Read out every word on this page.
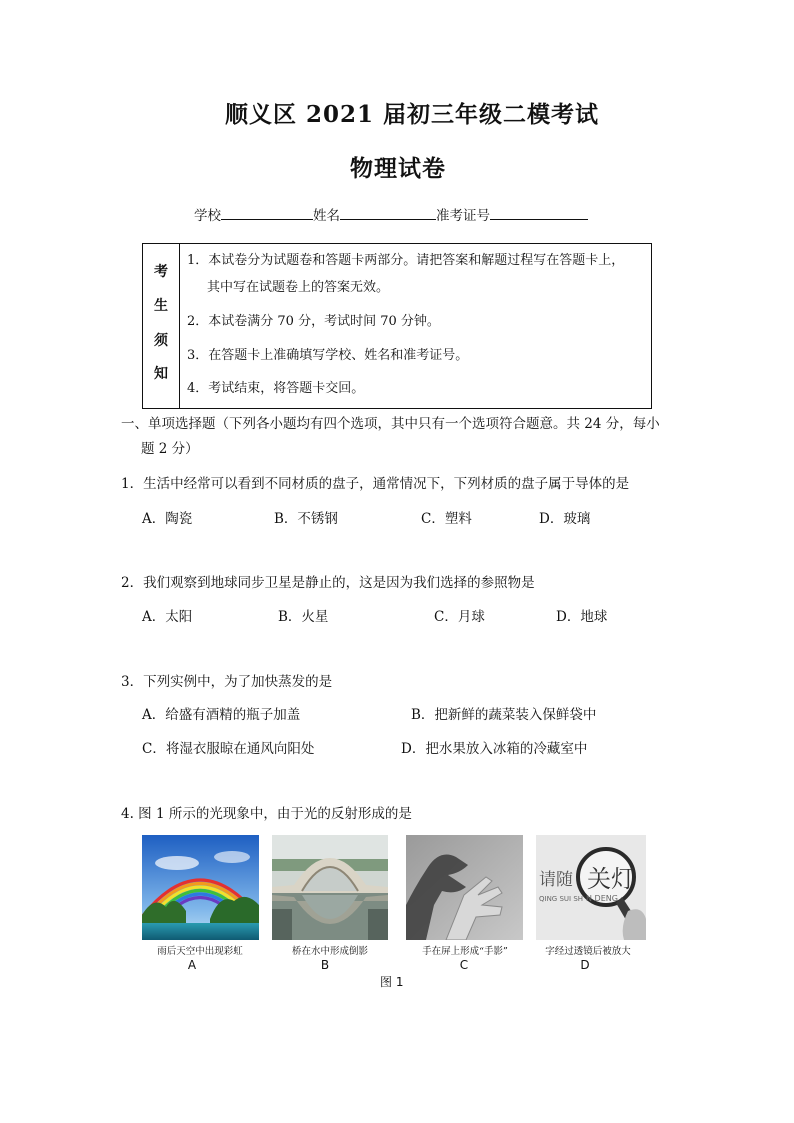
顺义区 2021 届初三年级二模考试
物理试卷
学校	姓名	准考证号
考
生
须
知
1．本试卷分为试题卷和答题卡两部分。请把答案和解题过程写在答题卡上，
其中写在试题卷上的答案无效。
2．本试卷满分 70 分，考试时间 70 分钟。
3．在答题卡上准确填写学校、姓名和准考证号。
4．考试结束，将答题卡交回。
一、单项选择题（下列各小题均有四个选项，其中只有一个选项符合题意。共 24 分，每小
题 2 分）
1．生活中经常可以看到不同材质的盘子，通常情况下，下列材质的盘子属于导体的是
A．陶瓷	B．不锈钢	C．塑料	D．玻璃
2．我们观察到地球同步卫星是静止的，这是因为我们选择的参照物是
A．太阳	B．火星	C．月球	D．地球
3．下列实例中，为了加快蒸发的是
A．给盛有酒精的瓶子加盖	B．把新鲜的蔬菜装入保鲜袋中
C．将湿衣服晾在通风向阳处	D．把水果放入冰箱的冷藏室中
4. 图 1 所示的光现象中，由于光的反射形成的是
雨后天空中出现彩虹
A
桥在水中形成倒影
B
手在屏上形成“手影”
C
请随
QING SUI SH
关灯
N DENG
字经过透镜后被放大
D
图 1
